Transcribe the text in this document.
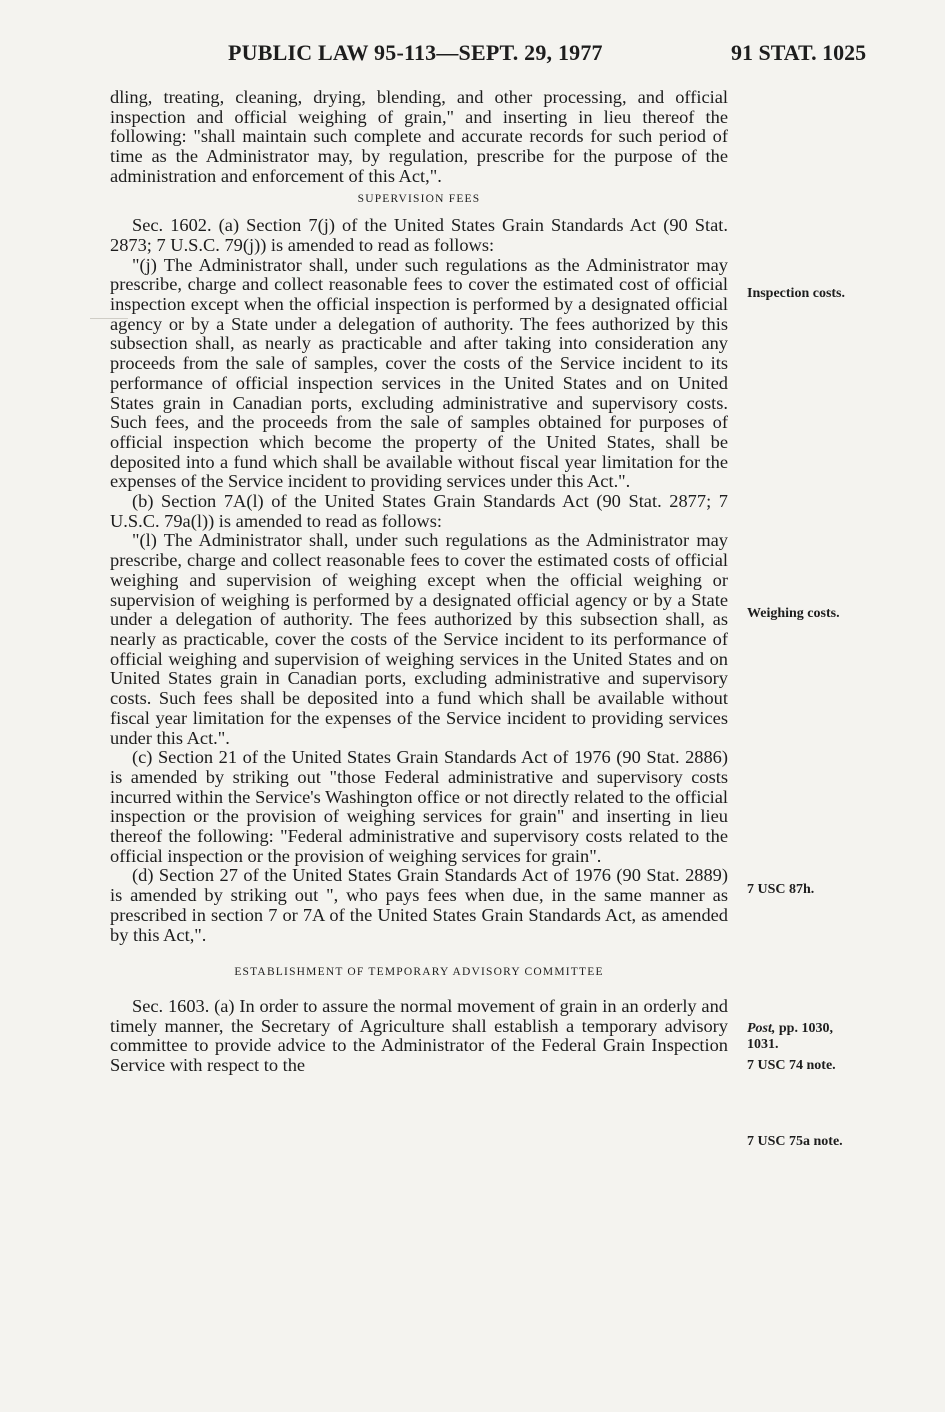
PUBLIC LAW 95-113—SEPT. 29, 1977	91 STAT. 1025

dling, treating, cleaning, drying, blending, and other processing, and official inspection and official weighing of grain," and inserting in lieu thereof the following: "shall maintain such complete and accurate records for such period of time as the Administrator may, by regulation, prescribe for the purpose of the administration and enforcement of this Act,".

SUPERVISION FEES

Sec. 1602. (a) Section 7(j) of the United States Grain Standards Act (90 Stat. 2873; 7 U.S.C. 79(j)) is amended to read as follows:

"(j) The Administrator shall, under such regulations as the Administrator may prescribe, charge and collect reasonable fees to cover the estimated cost of official inspection except when the official inspection is performed by a designated official agency or by a State under a delegation of authority. The fees authorized by this subsection shall, as nearly as practicable and after taking into consideration any proceeds from the sale of samples, cover the costs of the Service incident to its performance of official inspection services in the United States and on United States grain in Canadian ports, excluding administrative and supervisory costs. Such fees, and the proceeds from the sale of samples obtained for purposes of official inspection which become the property of the United States, shall be deposited into a fund which shall be available without fiscal year limitation for the expenses of the Service incident to providing services under this Act.".

(b) Section 7A(l) of the United States Grain Standards Act (90 Stat. 2877; 7 U.S.C. 79a(l)) is amended to read as follows:

"(l) The Administrator shall, under such regulations as the Administrator may prescribe, charge and collect reasonable fees to cover the estimated costs of official weighing and supervision of weighing except when the official weighing or supervision of weighing is performed by a designated official agency or by a State under a delegation of authority. The fees authorized by this subsection shall, as nearly as practicable, cover the costs of the Service incident to its performance of official weighing and supervision of weighing services in the United States and on United States grain in Canadian ports, excluding administrative and supervisory costs. Such fees shall be deposited into a fund which shall be available without fiscal year limitation for the expenses of the Service incident to providing services under this Act.".

(c) Section 21 of the United States Grain Standards Act of 1976 (90 Stat. 2886) is amended by striking out "those Federal administrative and supervisory costs incurred within the Service's Washington office or not directly related to the official inspection or the provision of weighing services for grain" and inserting in lieu thereof the following: "Federal administrative and supervisory costs related to the official inspection or the provision of weighing services for grain".

(d) Section 27 of the United States Grain Standards Act of 1976 (90 Stat. 2889) is amended by striking out ", who pays fees when due, in the same manner as prescribed in section 7 or 7A of the United States Grain Standards Act, as amended by this Act,".

ESTABLISHMENT OF TEMPORARY ADVISORY COMMITTEE

Sec. 1603. (a) In order to assure the normal movement of grain in an orderly and timely manner, the Secretary of Agriculture shall establish a temporary advisory committee to provide advice to the Administrator of the Federal Grain Inspection Service with respect to the

Inspection costs.
Weighing costs.
7 USC 87h.
Post, pp. 1030, 1031.
7 USC 74 note.
7 USC 75a note.
